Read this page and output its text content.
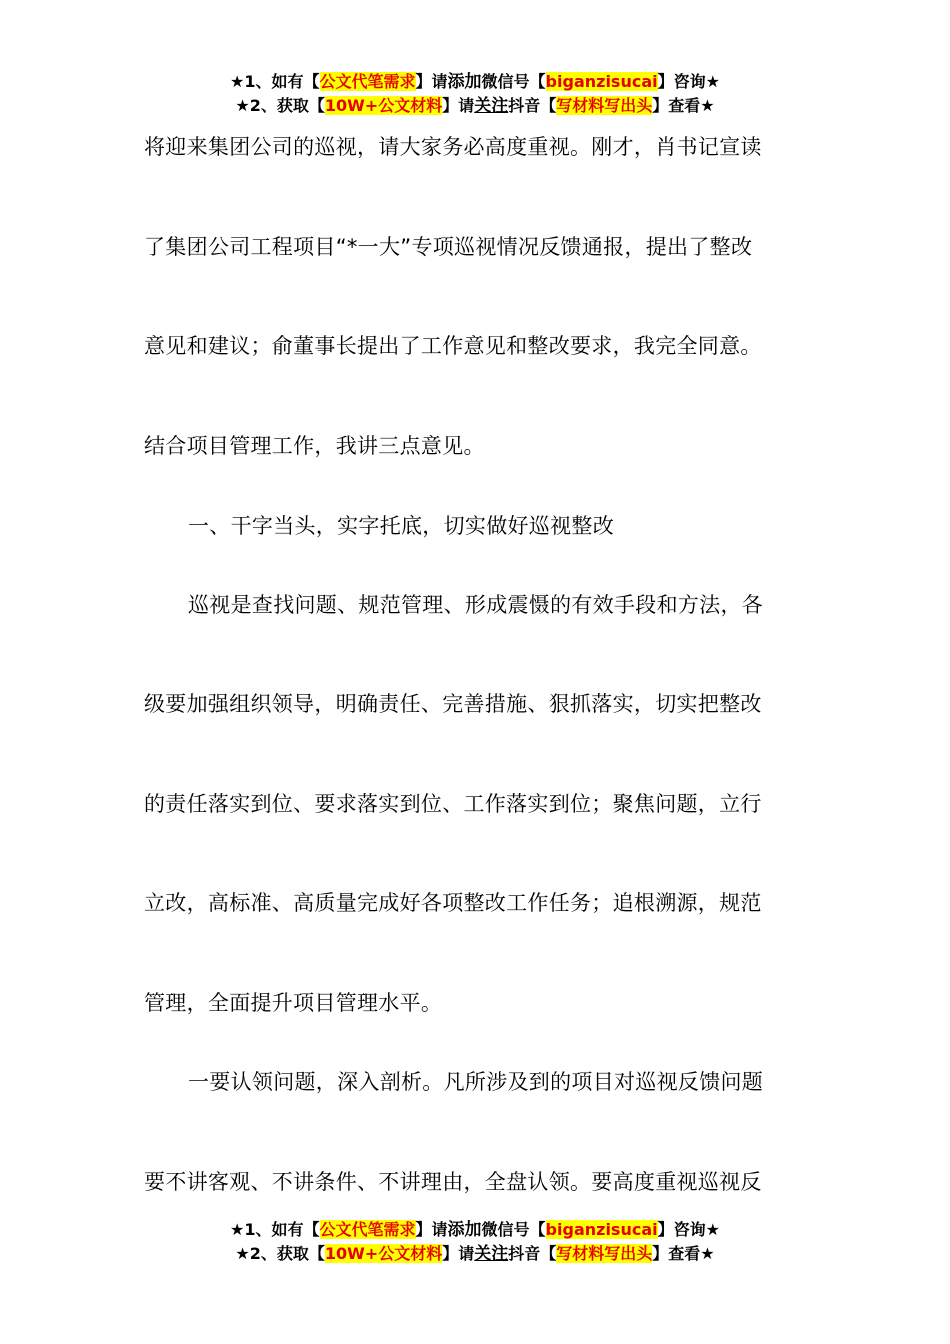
★1、如有【公文代笔需求】请添加微信号【biganzisucai】咨询★
★2、获取【10W+公文材料】请关注抖音【写材料写出头】查看★
将迎来集团公司的巡视，请大家务必高度重视。刚才，肖书记宣读
了集团公司工程项目“*一大”专项巡视情况反馈通报，提出了整改
意见和建议；俞董事长提出了工作意见和整改要求，我完全同意。
结合项目管理工作，我讲三点意见。
一、干字当头，实字托底，切实做好巡视整改
巡视是查找问题、规范管理、形成震慑的有效手段和方法，各
级要加强组织领导，明确责任、完善措施、狠抓落实，切实把整改
的责任落实到位、要求落实到位、工作落实到位；聚焦问题，立行
立改，高标准、高质量完成好各项整改工作任务；追根溯源，规范
管理，全面提升项目管理水平。
一要认领问题，深入剖析。凡所涉及到的项目对巡视反馈问题
要不讲客观、不讲条件、不讲理由，全盘认领。要高度重视巡视反
★1、如有【公文代笔需求】请添加微信号【biganzisucai】咨询★
★2、获取【10W+公文材料】请关注抖音【写材料写出头】查看★
